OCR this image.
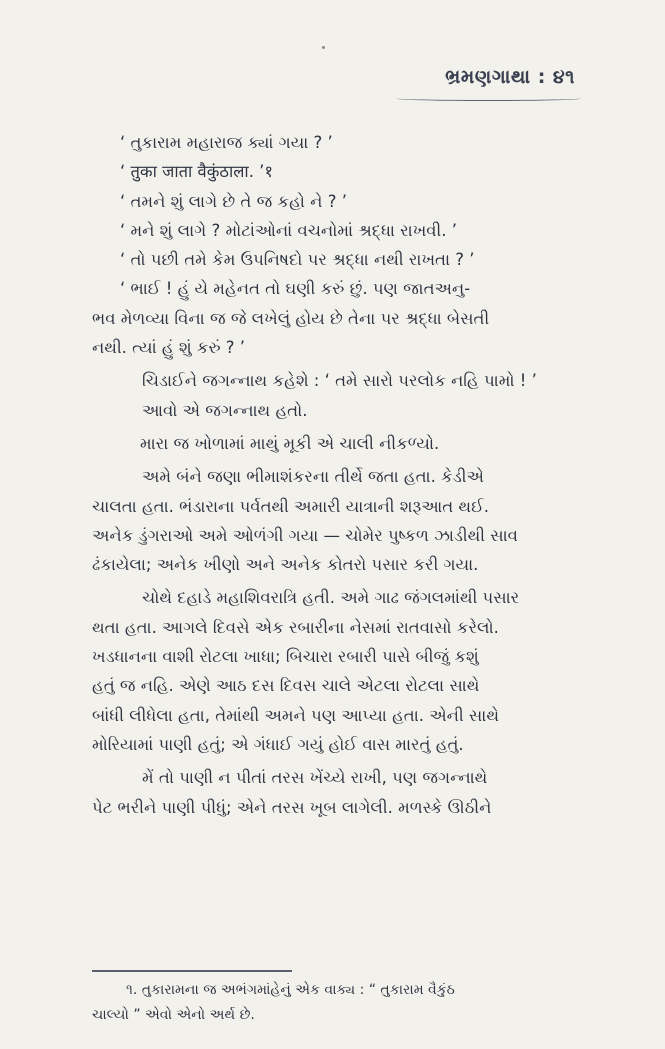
ભ્રમણગાથા : ૪૧
‘ તુકારામ મહારાજ ક્યાં ગયા ? ’
‘ तुका जाता वैकुंठाला. ’१
‘ તમને શું લાગે છે તે જ કહો ને ? ’
‘ મને શું લાગે ? મોટાંઓનાં વચનોમાં શ્રદ્ધા રાખવી. ’
‘ તો પછી તમે કેમ ઉપનિષદો પર શ્રદ્ધા નથી રાખતા ? ’
‘ ભાઈ ! હું યે મહેનત તો ઘણી કરું છું. પણ જાતઅનુ-
ભવ મેળવ્યા વિના જ જે લખેલું હોય છે તેના પર શ્રદ્ધા બેસતી
નથી. ત્યાં હું શું કરું ? ’
ચિડાઈને જગન્નાથ કહેશે : ‘ તમે સારો પરલોક નહિ પામો ! ’
આવો એ જગન્નાથ હતો.
મારા જ ખોળામાં માથું મૂકી એ ચાલી નીકળ્યો.
અમે બંને જણા ભીમાશંકરના તીર્થે જતા હતા. કેડીએ
ચાલતા હતા. ભંડારાના પર્વતથી અમારી યાત્રાની શરૂઆત થઈ.
અનેક ડુંગરાઓ અમે ઓળંગી ગયા — ચોમેર પુષ્કળ ઝાડીથી સાવ
ઢંકાયેલા; અનેક ખીણો અને અનેક કોતરો પસાર કરી ગયા.
ચોથે દહાડે મહાશિવરાત્રિ હતી. અમે ગાઢ જંગલમાંથી પસાર
થતા હતા. આગલે દિવસે એક રબારીના નેસમાં રાતવાસો કરેલો.
ખડધાનના વાશી રોટલા ખાધા; બિચારા રબારી પાસે બીજું કશું
હતું જ નહિ. એણે આઠ દસ દિવસ ચાલે એટલા રોટલા સાથે
બાંધી લીધેલા હતા, તેમાંથી અમને પણ આપ્યા હતા. એની સાથે
મોરિયામાં પાણી હતું; એ ગંધાઈ ગયું હોઈ વાસ મારતું હતું.
મેં તો પાણી ન પીતાં તરસ ખેંચ્યે રાખી, પણ જગન્નાથે
પેટ ભરીને પાણી પીધું; એને તરસ ખૂબ લાગેલી. મળસ્કે ઊઠીને
૧. તુકારામના જ અભંગમાંહેનું એક વાક્ય : “ તુકારામ વૈકુંઠ
ચાલ્યો ” એવો એનો અર્થ છે.
